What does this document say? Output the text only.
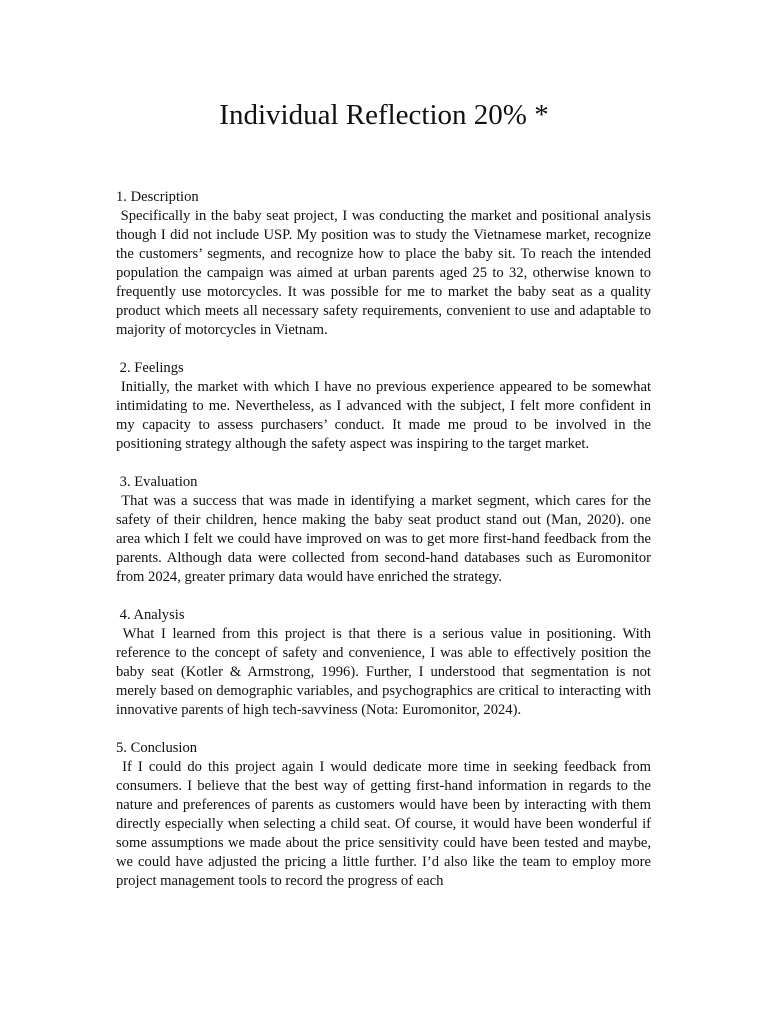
Individual Reflection 20% *

1. Description

Specifically in the baby seat project, I was conducting the market and positional analysis though I did not include USP. My position was to study the Vietnamese market, recognize the customers’ segments, and recognize how to place the baby sit. To reach the intended population the campaign was aimed at urban parents aged 25 to 32, otherwise known to frequently use motorcycles. It was possible for me to market the baby seat as a quality product which meets all necessary safety requirements, convenient to use and adaptable to majority of motorcycles in Vietnam.

2. Feelings

Initially, the market with which I have no previous experience appeared to be somewhat intimidating to me. Nevertheless, as I advanced with the subject, I felt more confident in my capacity to assess purchasers’ conduct. It made me proud to be involved in the positioning strategy although the safety aspect was inspiring to the target market.

3. Evaluation

That was a success that was made in identifying a market segment, which cares for the safety of their children, hence making the baby seat product stand out (Man, 2020). one area which I felt we could have improved on was to get more first-hand feedback from the parents. Although data were collected from second-hand databases such as Euromonitor from 2024, greater primary data would have enriched the strategy.

4. Analysis

What I learned from this project is that there is a serious value in positioning. With reference to the concept of safety and convenience, I was able to effectively position the baby seat (Kotler & Armstrong, 1996). Further, I understood that segmentation is not merely based on demographic variables, and psychographics are critical to interacting with innovative parents of high tech-savviness (Nota: Euromonitor, 2024).

5. Conclusion

If I could do this project again I would dedicate more time in seeking feedback from consumers. I believe that the best way of getting first-hand information in regards to the nature and preferences of parents as customers would have been by interacting with them directly especially when selecting a child seat. Of course, it would have been wonderful if some assumptions we made about the price sensitivity could have been tested and maybe, we could have adjusted the pricing a little further. I’d also like the team to employ more project management tools to record the progress of each
